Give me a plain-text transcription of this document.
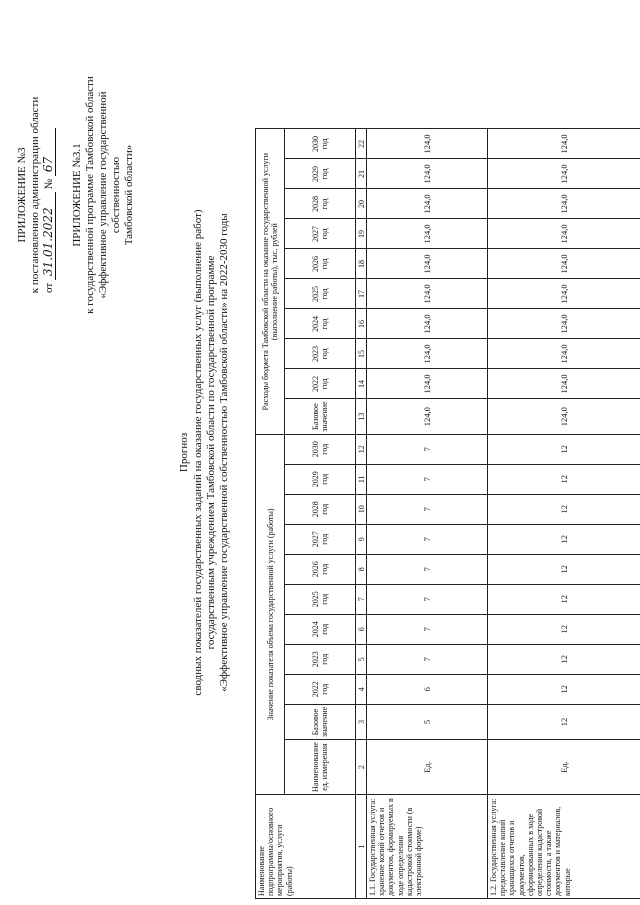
ПРИЛОЖЕНИЕ №3 к постановлению администрации области от 31.01.2022 № 67 ПРИЛОЖЕНИЕ №3.1 к государственной программе Тамбовской области «Эффективное управление государственной собственностью Тамбовской области»
Прогноз сводных показателей государственных заданий на оказание государственных услуг (выполнение работ) государственным учреждением Тамбовской области по государственной программе «Эффективное управление государственной собственностью Тамбовской области» на 2022-2030 годы
Наименование подпрограммы/основного мероприятия, услуги (работы)	Значение показателя объема государственной услуги (работы)											Расходы бюджета Тамбовской области на оказание государственной услуги (выполнение работы), тыс. рублей									
	Наименование ед. измерения	Базовое значение	2022 год	2023 год	2024 год	2025 год	2026 год	2027 год	2028 год	2029 год	2030 год	Базовое значение	2022 год	2023 год	2024 год	2025 год	2026 год	2027 год	2028 год	2029 год	2030 год
1	2	3	4	5	6	7	8	9	10	11	12	13	14	15	16	17	18	19	20	21	22
1.1. Государственная услуга: хранение копий отчетов и документов, формируемых в ходе определения кадастровой стоимости (в электронной форме)	Ед.	5	6	7	7	7	7	7	7	7	7	124,0	124,0	124,0	124,0	124,0	124,0	124,0	124,0	124,0	124,0
1.2. Государственная услуга: предоставление копий хранящихся отчетов и документов, сформированных в ходе определения кадастровой стоимости, а также документов и материалов, которые	Ед.	12	12	12	12	12	12	12	12	12	12	124,0	124,0	124,0	124,0	124,0	124,0	124,0	124,0	124,0	124,0
